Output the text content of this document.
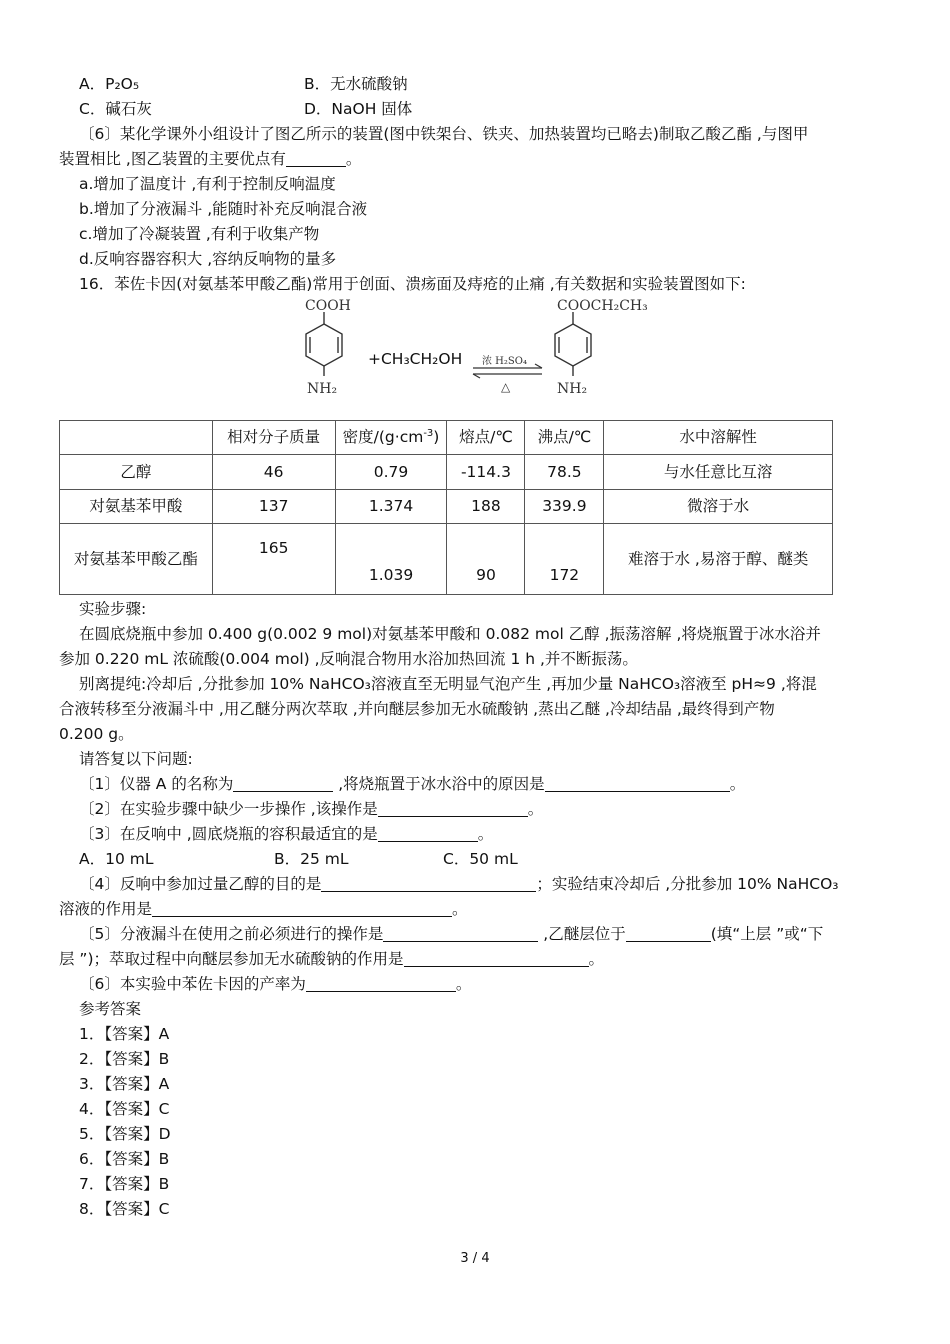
A．P₂O₅	B．无水硫酸钠
C．碱石灰	D．NaOH 固体
〔6〕某化学课外小组设计了图乙所示的装置(图中铁架台、铁夹、加热装置均已略去)制取乙酸乙酯 ,与图甲
装置相比 ,图乙装置的主要优点有	。
a.增加了温度计 ,有利于控制反响温度
b.增加了分液漏斗 ,能随时补充反响混合液
c.增加了冷凝装置 ,有利于收集产物
d.反响容器容积大 ,容纳反响物的量多
16．苯佐卡因(对氨基苯甲酸乙酯)常用于创面、溃疡面及痔疮的止痛 ,有关数据和实验装置图如下:
COOH
NH₂
+CH₃CH₂OH 浓 H₂SO₄
△
COOCH₂CH₃
NH₂
	相对分子质量	密度$/(g\cdot cm^{-3})$	熔点/℃	沸点/℃	水中溶解性
乙醇	46	0.79	-114.3	78.5	与水任意比互溶
对氨基苯甲酸	137	1.374	188	339.9	微溶于水
对氨基苯甲酸乙酯	165	1.039	90	172	难溶于水 ,易溶于醇、醚类
实验步骤:
在圆底烧瓶中参加 0.400 g(0.002 9 mol)对氨基苯甲酸和 0.082 mol 乙醇 ,振荡溶解 ,将烧瓶置于冰水浴并
参加 0.220 mL 浓硫酸(0.004 mol) ,反响混合物用水浴加热回流 1 h ,并不断振荡。
别离提纯:冷却后 ,分批参加 10% NaHCO₃溶液直至无明显气泡产生 ,再加少量 NaHCO₃溶液至 pH≈9 ,将混
合液转移至分液漏斗中 ,用乙醚分两次萃取 ,并向醚层参加无水硫酸钠 ,蒸出乙醚 ,冷却结晶 ,最终得到产物
0.200 g。
请答复以下问题:
〔1〕仪器 A 的名称为	,将烧瓶置于冰水浴中的原因是	。
〔2〕在实验步骤中缺少一步操作 ,该操作是	。
〔3〕在反响中 ,圆底烧瓶的容积最适宜的是	。
A．10 mL	B．25 mL	C．50 mL
〔4〕反响中参加过量乙醇的目的是	；实验结束冷却后 ,分批参加 10% NaHCO₃
溶液的作用是	。
〔5〕分液漏斗在使用之前必须进行的操作是	,乙醚层位于	(填“上层 ”或“下
层 ”)；萃取过程中向醚层参加无水硫酸钠的作用是	。
〔6〕本实验中苯佐卡因的产率为	。
参考答案
1．【答案】A
2．【答案】B
3．【答案】A
4．【答案】C
5．【答案】D
6．【答案】B
7．【答案】B
8．【答案】C
3 / 4
